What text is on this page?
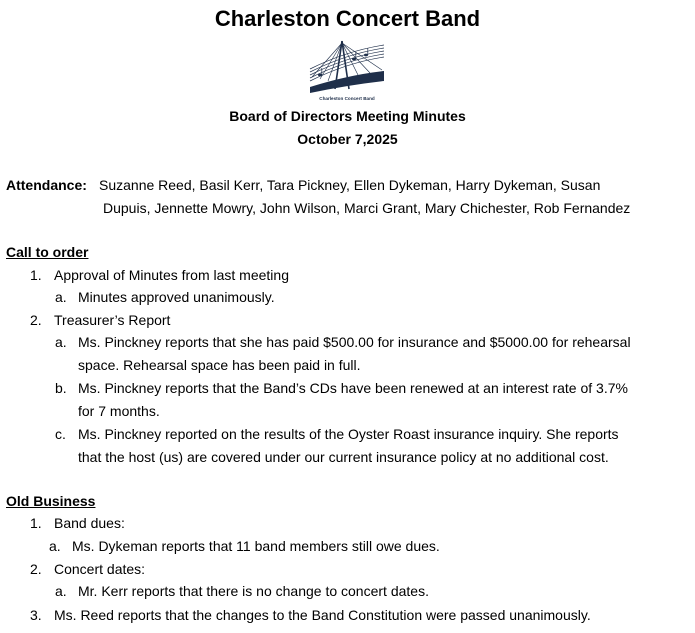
Charleston Concert Band
Charleston Concert Band
Board of Directors Meeting Minutes
October 7,2025
Attendance: Suzanne Reed, Basil Kerr, Tara Pickney, Ellen Dykeman, Harry Dykeman, Susan
Dupuis, Jennette Mowry, John Wilson, Marci Grant, Mary Chichester, Rob Fernandez
Call to order
1. Approval of Minutes from last meeting
a. Minutes approved unanimously.
2. Treasurer’s Report
a. Ms. Pinckney reports that she has paid $500.00 for insurance and $5000.00 for rehearsal
space. Rehearsal space has been paid in full.
b. Ms. Pinckney reports that the Band’s CDs have been renewed at an interest rate of 3.7%
for 7 months.
c. Ms. Pinckney reported on the results of the Oyster Roast insurance inquiry. She reports
that the host (us) are covered under our current insurance policy at no additional cost.
Old Business
1. Band dues:
a. Ms. Dykeman reports that 11 band members still owe dues.
2. Concert dates:
a. Mr. Kerr reports that there is no change to concert dates.
3. Ms. Reed reports that the changes to the Band Constitution were passed unanimously.
